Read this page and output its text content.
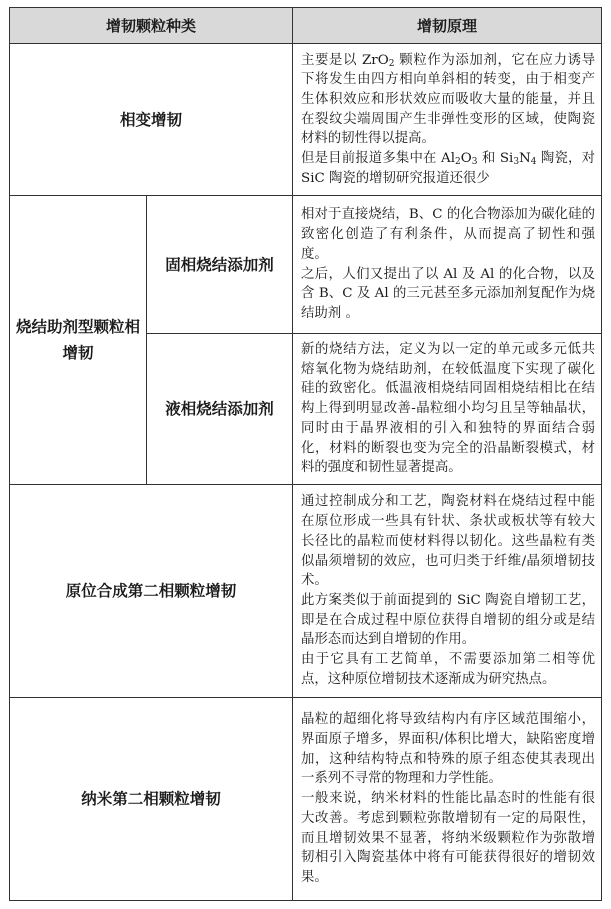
增韧颗粒种类		增韧原理
相变增韧		主要是以 ZrO$_2$ 颗粒作为添加剂，它在应力诱导下将发生由四方相向单斜相的转变，由于相变产生体积效应和形状效应而吸收大量的能量，并且在裂纹尖端周围产生非弹性变形的区域，使陶瓷材料的韧性得以提高。

但是目前报道多集中在 $Al_2O_3$ 和 $Si_3N_4$ 陶瓷，对 SiC 陶瓷的增韧研究报道还很少

烧结助剂型颗粒相增韧	固相烧结添加剂	相对于直接烧结，B、C 的化合物添加为碳化硅的致密化创造了有利条件，从而提高了韧性和强度。

之后，人们又提出了以 Al 及 Al 的化合物，以及含 B、C 及 Al 的三元甚至多元添加剂复配作为烧结助剂 。

	液相烧结添加剂	新的烧结方法，定义为以一定的单元或多元低共熔氧化物为烧结助剂，在较低温度下实现了碳化硅的致密化。低温液相烧结同固相烧结相比在结构上得到明显改善-晶粒细小均匀且呈等轴晶状，同时由于晶界液相的引入和独特的界面结合弱化，材料的断裂也变为完全的沿晶断裂模式，材料的强度和韧性显著提高。

原位合成第二相颗粒增韧		通过控制成分和工艺，陶瓷材料在烧结过程中能在原位形成一些具有针状、条状或板状等有较大长径比的晶粒而使材料得以韧化。这些晶粒有类似晶须增韧的效应，也可归类于纤维/晶须增韧技术。

此方案类似于前面提到的 SiC 陶瓷自增韧工艺，即是在合成过程中原位获得自增韧的组分或是结晶形态而达到自增韧的作用。

由于它具有工艺简单，不需要添加第二相等优点，这种原位增韧技术逐渐成为研究热点。

纳米第二相颗粒增韧		晶粒的超细化将导致结构内有序区域范围缩小，界面原子增多，界面积/体积比增大，缺陷密度增加，这种结构特点和特殊的原子组态使其表现出一系列不寻常的物理和力学性能。

一般来说，纳米材料的性能比晶态时的性能有很大改善。考虑到颗粒弥散增韧有一定的局限性，而且增韧效果不显著，将纳米级颗粒作为弥散增韧相引入陶瓷基体中将有可能获得很好的增韧效果。
